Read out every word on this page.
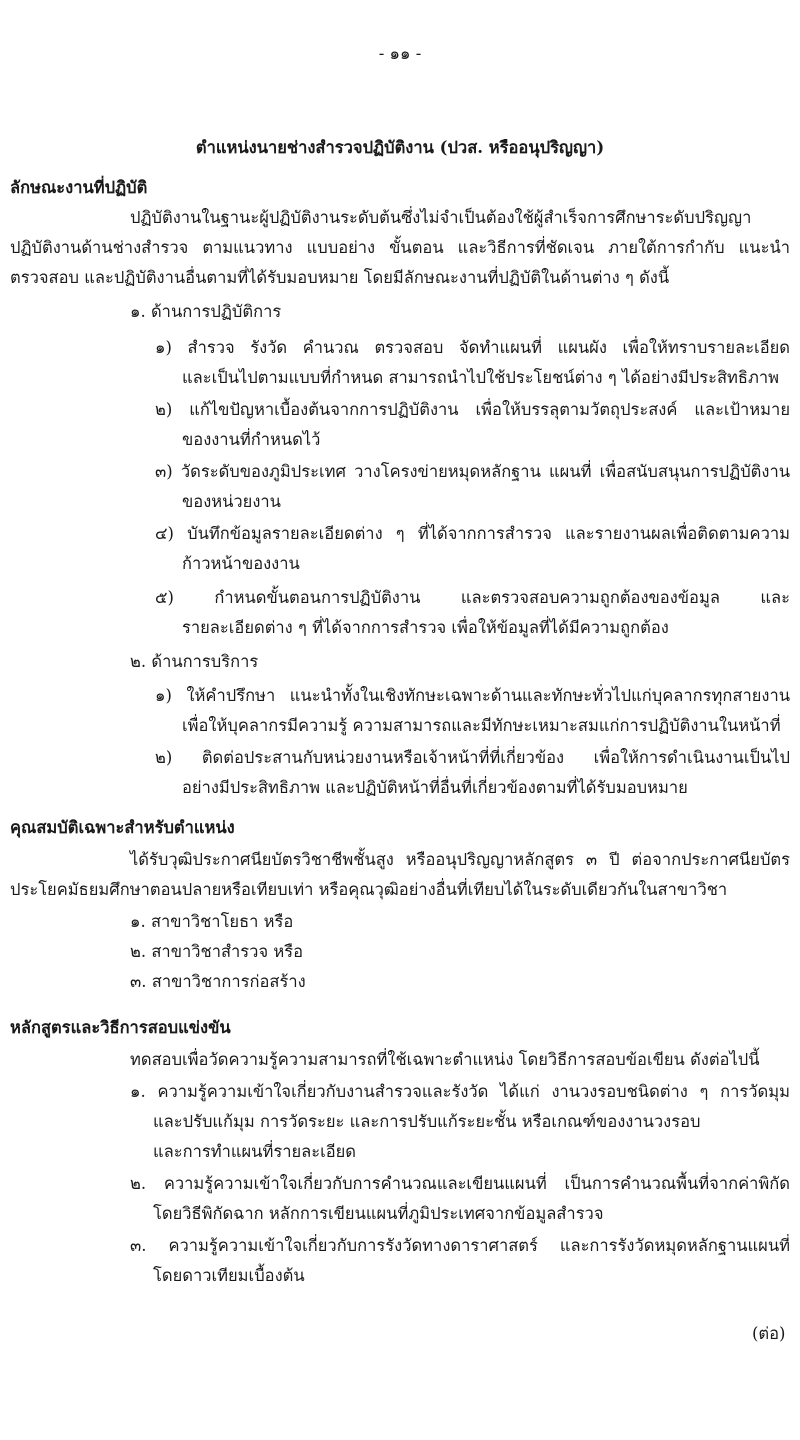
- ๑๑ -
ตำแหน่งนายช่างสำรวจปฏิบัติงาน (ปวส. หรืออนุปริญญา)
ลักษณะงานที่ปฏิบัติ
ปฏิบัติงานในฐานะผู้ปฏิบัติงานระดับต้นซึ่งไม่จำเป็นต้องใช้ผู้สำเร็จการศึกษาระดับปริญญา
ปฏิบัติงานด้านช่างสำรวจ ตามแนวทาง แบบอย่าง ขั้นตอน และวิธีการที่ชัดเจน ภายใต้การกำกับ แนะนำ
ตรวจสอบ และปฏิบัติงานอื่นตามที่ได้รับมอบหมาย โดยมีลักษณะงานที่ปฏิบัติในด้านต่าง ๆ ดังนี้
๑. ด้านการปฏิบัติการ
๑) สำรวจ รังวัด คำนวณ ตรวจสอบ จัดทำแผนที่ แผนผัง เพื่อให้ทราบรายละเอียด
และเป็นไปตามแบบที่กำหนด สามารถนำไปใช้ประโยชน์ต่าง ๆ ได้อย่างมีประสิทธิภาพ
๒) แก้ไขปัญหาเบื้องต้นจากการปฏิบัติงาน เพื่อให้บรรลุตามวัตถุประสงค์ และเป้าหมาย
ของงานที่กำหนดไว้
๓) วัดระดับของภูมิประเทศ วางโครงข่ายหมุดหลักฐาน แผนที่ เพื่อสนับสนุนการปฏิบัติงาน
ของหน่วยงาน
๔) บันทึกข้อมูลรายละเอียดต่าง ๆ ที่ได้จากการสำรวจ และรายงานผลเพื่อติดตามความ
ก้าวหน้าของงาน
๕) กำหนดขั้นตอนการปฏิบัติงาน และตรวจสอบความถูกต้องของข้อมูล และ
รายละเอียดต่าง ๆ ที่ได้จากการสำรวจ เพื่อให้ข้อมูลที่ได้มีความถูกต้อง
๒. ด้านการบริการ
๑) ให้คำปรึกษา แนะนำทั้งในเชิงทักษะเฉพาะด้านและทักษะทั่วไปแก่บุคลากรทุกสายงาน
เพื่อให้บุคลากรมีความรู้ ความสามารถและมีทักษะเหมาะสมแก่การปฏิบัติงานในหน้าที่
๒) ติดต่อประสานกับหน่วยงานหรือเจ้าหน้าที่ที่เกี่ยวข้อง เพื่อให้การดำเนินงานเป็นไป
อย่างมีประสิทธิภาพ และปฏิบัติหน้าที่อื่นที่เกี่ยวข้องตามที่ได้รับมอบหมาย
คุณสมบัติเฉพาะสำหรับตำแหน่ง
ได้รับวุฒิประกาศนียบัตรวิชาชีพชั้นสูง หรืออนุปริญญาหลักสูตร ๓ ปี ต่อจากประกาศนียบัตร
ประโยคมัธยมศึกษาตอนปลายหรือเทียบเท่า หรือคุณวุฒิอย่างอื่นที่เทียบได้ในระดับเดียวกันในสาขาวิชา
๑. สาขาวิชาโยธา หรือ
๒. สาขาวิชาสำรวจ หรือ
๓. สาขาวิชาการก่อสร้าง
หลักสูตรและวิธีการสอบแข่งขัน
ทดสอบเพื่อวัดความรู้ความสามารถที่ใช้เฉพาะตำแหน่ง โดยวิธีการสอบข้อเขียน ดังต่อไปนี้
๑. ความรู้ความเข้าใจเกี่ยวกับงานสำรวจและรังวัด ได้แก่ งานวงรอบชนิดต่าง ๆ การวัดมุม
และปรับแก้มุม การวัดระยะ และการปรับแก้ระยะชั้น หรือเกณฑ์ของงานวงรอบ
และการทำแผนที่รายละเอียด
๒. ความรู้ความเข้าใจเกี่ยวกับการคำนวณและเขียนแผนที่ เป็นการคำนวณพื้นที่จากค่าพิกัด
โดยวิธีพิกัดฉาก หลักการเขียนแผนที่ภูมิประเทศจากข้อมูลสำรวจ
๓. ความรู้ความเข้าใจเกี่ยวกับการรังวัดทางดาราศาสตร์ และการรังวัดหมุดหลักฐานแผนที่
โดยดาวเทียมเบื้องต้น
(ต่อ)
